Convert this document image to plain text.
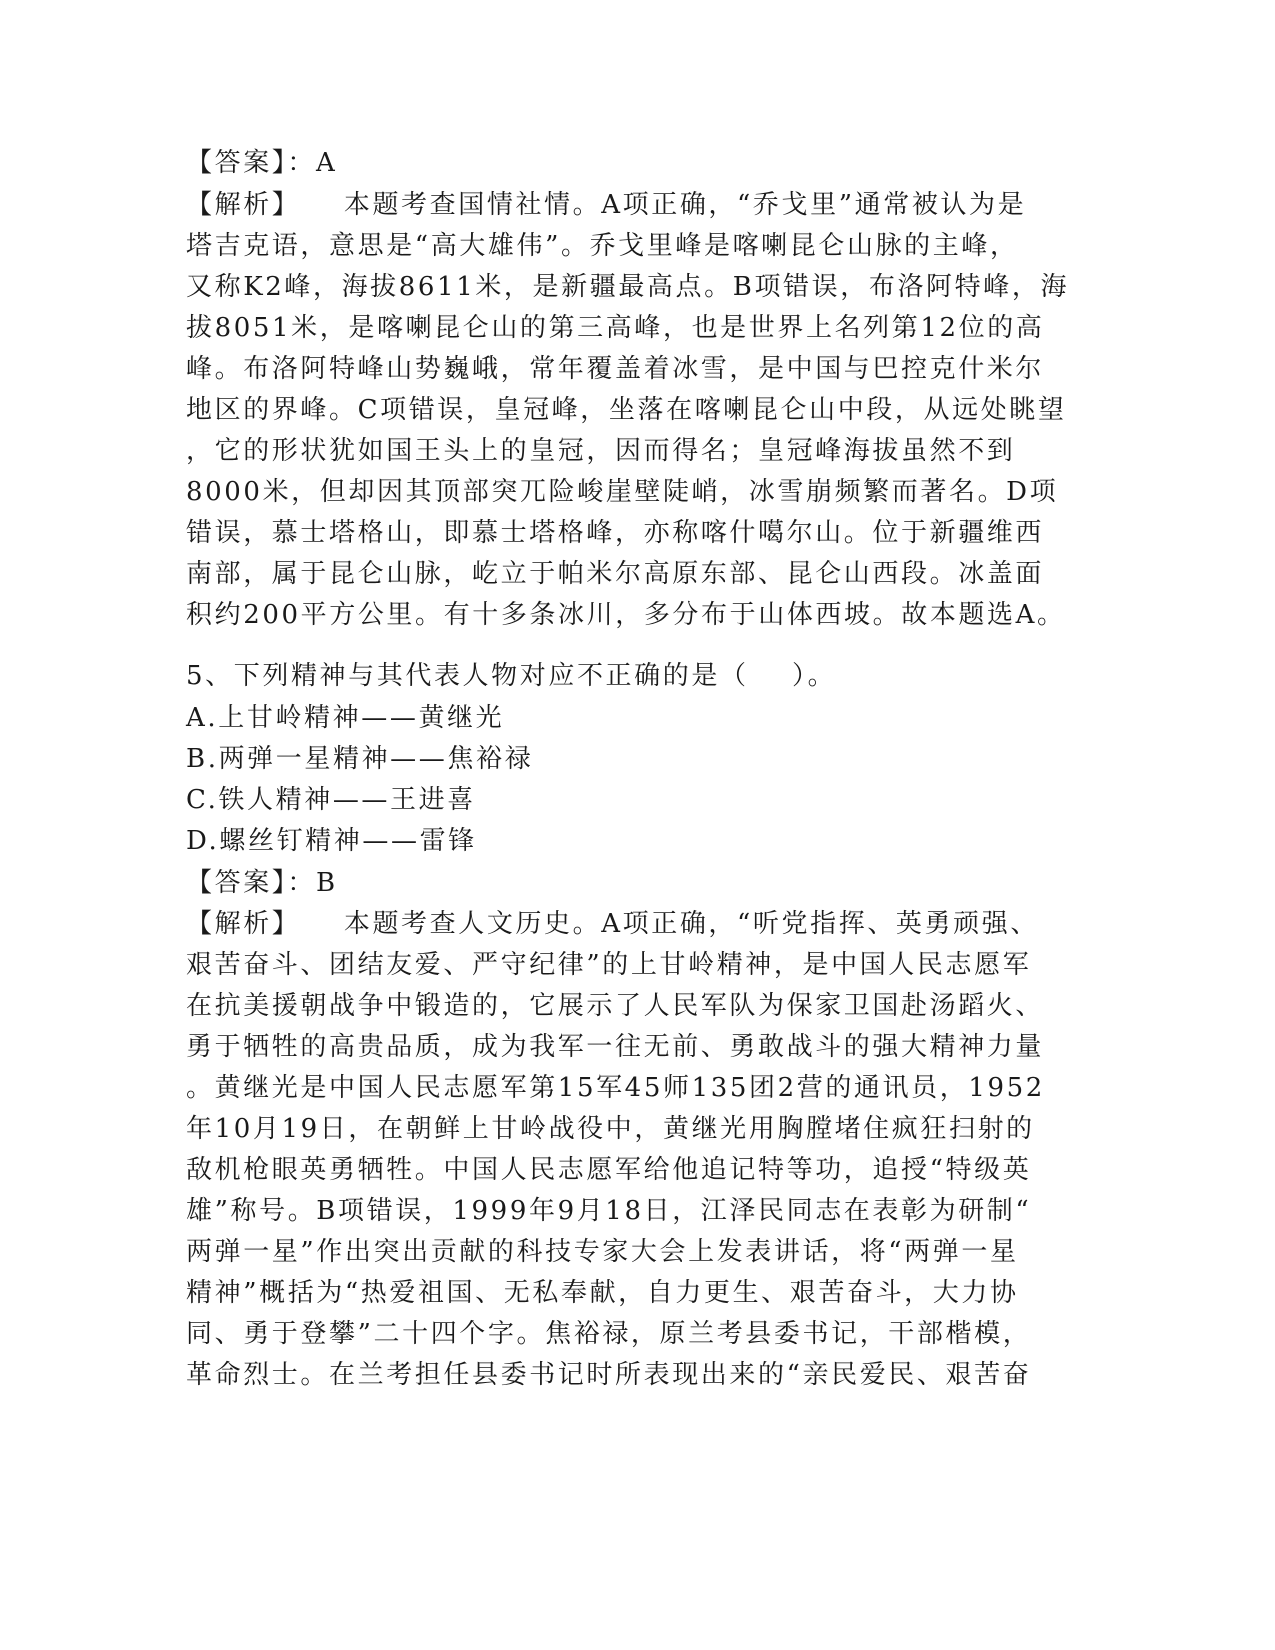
【答案】：A
【解析】    本题考查国情社情。A项正确，“乔戈里”通常被认为是
塔吉克语，意思是“高大雄伟”。乔戈里峰是喀喇昆仑山脉的主峰，
又称K2峰，海拔8611米，是新疆最高点。B项错误，布洛阿特峰，海
拔8051米，是喀喇昆仑山的第三高峰，也是世界上名列第12位的高
峰。布洛阿特峰山势巍峨，常年覆盖着冰雪，是中国与巴控克什米尔
地区的界峰。C项错误，皇冠峰，坐落在喀喇昆仑山中段，从远处眺望
，它的形状犹如国王头上的皇冠，因而得名；皇冠峰海拔虽然不到
8000米，但却因其顶部突兀险峻崖壁陡峭，冰雪崩频繁而著名。D项
错误，慕士塔格山，即慕士塔格峰，亦称喀什噶尔山。位于新疆维西
南部，属于昆仑山脉，屹立于帕米尔高原东部、昆仑山西段。冰盖面
积约200平方公里。有十多条冰川，多分布于山体西坡。故本题选A。
5、下列精神与其代表人物对应不正确的是（    ）。
A.上甘岭精神——黄继光
B.两弹一星精神——焦裕禄
C.铁人精神——王进喜
D.螺丝钉精神——雷锋
【答案】：B
【解析】    本题考查人文历史。A项正确，“听党指挥、英勇顽强、
艰苦奋斗、团结友爱、严守纪律”的上甘岭精神，是中国人民志愿军
在抗美援朝战争中锻造的，它展示了人民军队为保家卫国赴汤蹈火、
勇于牺牲的高贵品质，成为我军一往无前、勇敢战斗的强大精神力量
。黄继光是中国人民志愿军第15军45师135团2营的通讯员，1952
年10月19日，在朝鲜上甘岭战役中，黄继光用胸膛堵住疯狂扫射的
敌机枪眼英勇牺牲。中国人民志愿军给他追记特等功，追授“特级英
雄”称号。B项错误，1999年9月18日，江泽民同志在表彰为研制“
两弹一星”作出突出贡献的科技专家大会上发表讲话，将“两弹一星
精神”概括为“热爱祖国、无私奉献，自力更生、艰苦奋斗，大力协
同、勇于登攀”二十四个字。焦裕禄，原兰考县委书记，干部楷模，
革命烈士。在兰考担任县委书记时所表现出来的“亲民爱民、艰苦奋
